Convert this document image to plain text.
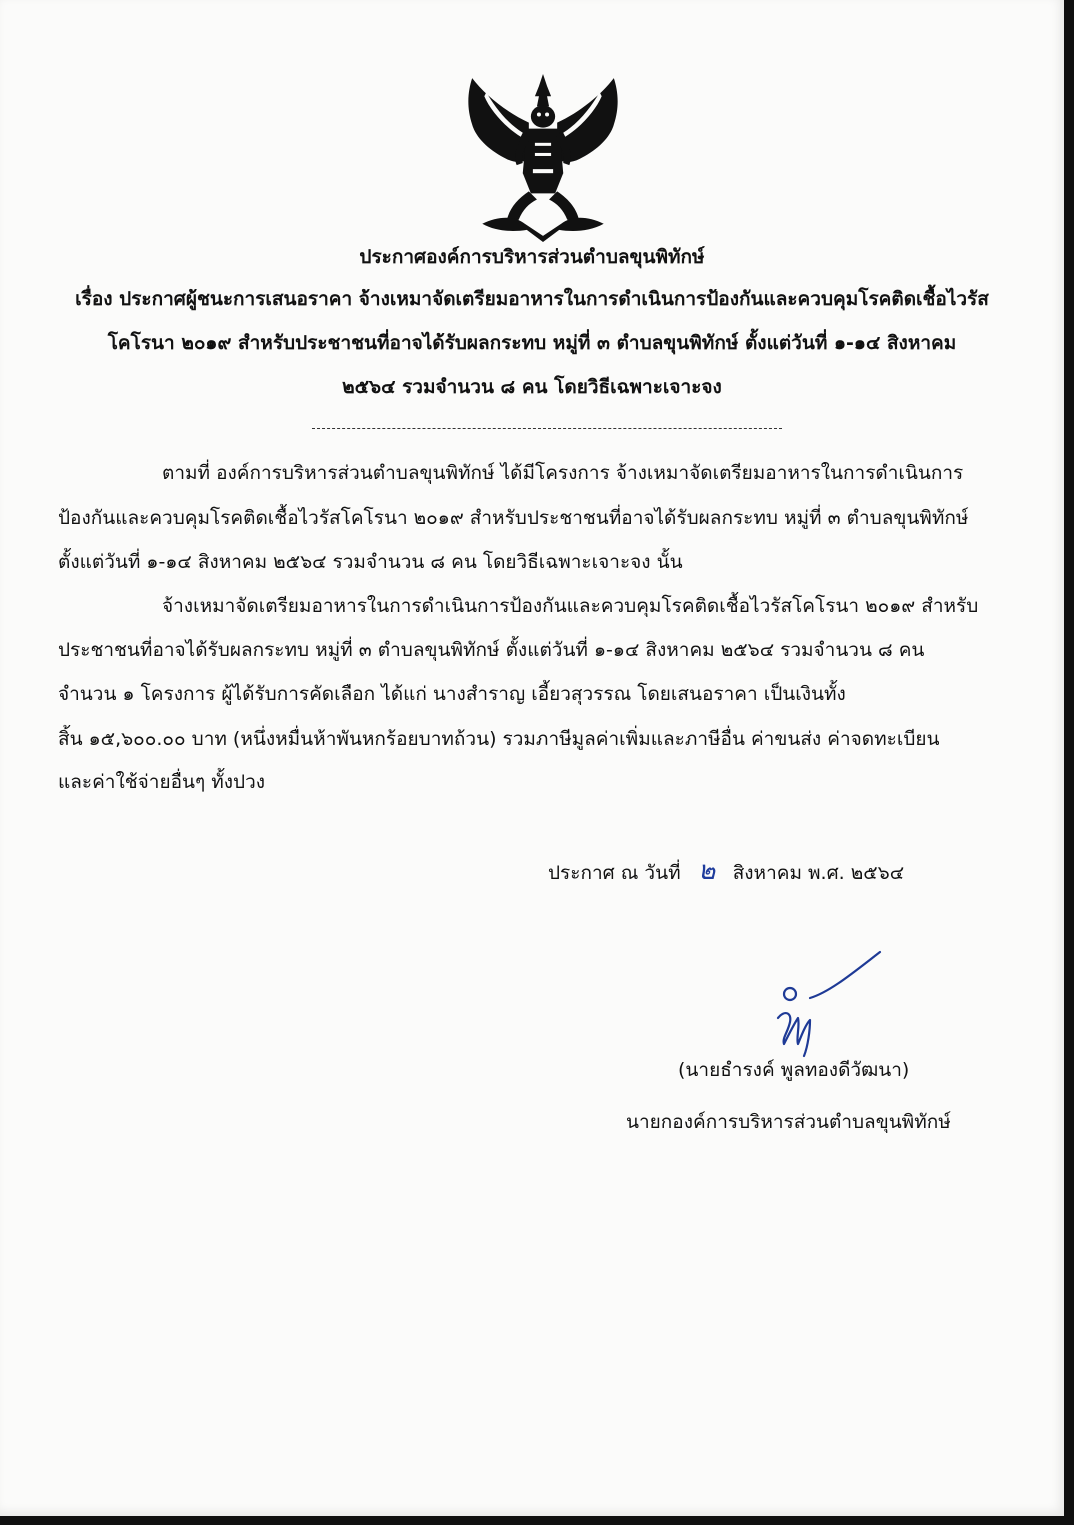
ประกาศองค์การบริหารส่วนตำบลขุนพิทักษ์
เรื่อง ประกาศผู้ชนะการเสนอราคา จ้างเหมาจัดเตรียมอาหารในการดำเนินการป้องกันและควบคุมโรคติดเชื้อไวรัส
โคโรนา ๒๐๑๙ สำหรับประชาชนที่อาจได้รับผลกระทบ หมู่ที่ ๓ ตำบลขุนพิทักษ์ ตั้งแต่วันที่ ๑-๑๔ สิงหาคม
๒๕๖๔ รวมจำนวน ๘ คน โดยวิธีเฉพาะเจาะจง
ตามที่ องค์การบริหารส่วนตำบลขุนพิทักษ์ ได้มีโครงการ จ้างเหมาจัดเตรียมอาหารในการดำเนินการ
ป้องกันและควบคุมโรคติดเชื้อไวรัสโคโรนา ๒๐๑๙ สำหรับประชาชนที่อาจได้รับผลกระทบ หมู่ที่ ๓ ตำบลขุนพิทักษ์
ตั้งแต่วันที่ ๑-๑๔ สิงหาคม ๒๕๖๔ รวมจำนวน ๘ คน โดยวิธีเฉพาะเจาะจง นั้น
จ้างเหมาจัดเตรียมอาหารในการดำเนินการป้องกันและควบคุมโรคติดเชื้อไวรัสโคโรนา ๒๐๑๙ สำหรับ
ประชาชนที่อาจได้รับผลกระทบ หมู่ที่ ๓ ตำบลขุนพิทักษ์ ตั้งแต่วันที่ ๑-๑๔ สิงหาคม ๒๕๖๔ รวมจำนวน ๘ คน
จำนวน ๑ โครงการ ผู้ได้รับการคัดเลือก ได้แก่ นางสำราญ เอี้ยวสุวรรณ โดยเสนอราคา เป็นเงินทั้ง
สิ้น ๑๕,๖๐๐.๐๐ บาท (หนึ่งหมื่นห้าพันหกร้อยบาทถ้วน) รวมภาษีมูลค่าเพิ่มและภาษีอื่น ค่าขนส่ง ค่าจดทะเบียน
และค่าใช้จ่ายอื่นๆ ทั้งปวง
ประกาศ ณ วันที่ ๒ สิงหาคม พ.ศ. ๒๕๖๔
(นายธำรงค์ พูลทองดีวัฒนา)
นายกองค์การบริหารส่วนตำบลขุนพิทักษ์
